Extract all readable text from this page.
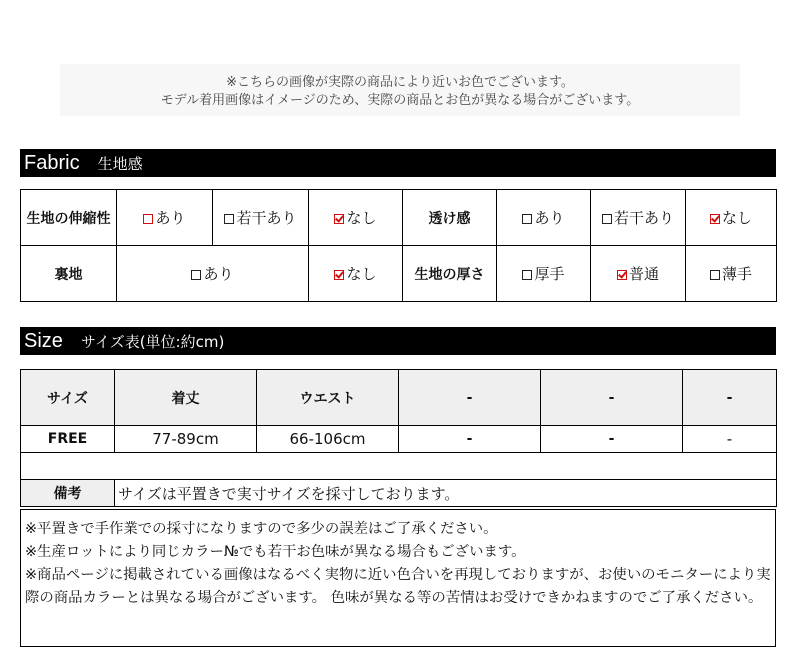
※こちらの画像が実際の商品により近いお色でございます。
モデル着用画像はイメージのため、実際の商品とお色が異なる場合がございます。
Fabric 生地感
生地の伸縮性	あり	若干あり	なし	透け感	あり	若干あり	なし
裏地	あり		なし	生地の厚さ	厚手	普通	薄手
Size サイズ表(単位:約cm)
サイズ	着丈	ウエスト	-	-	-
FREE	77-89cm	66-106cm	-	-	-

備考	サイズは平置きで実寸サイズを採寸しております。				
※平置きで手作業での採寸になりますので多少の誤差はご了承ください。
※生産ロットにより同じカラー№でも若干お色味が異なる場合もございます。
※商品ページに掲載されている画像はなるべく実物に近い色合いを再現しておりますが、お使いのモニターにより実際の商品カラーとは異なる場合がございます。 色味が異なる等の苦情はお受けできかねますのでご了承ください。
